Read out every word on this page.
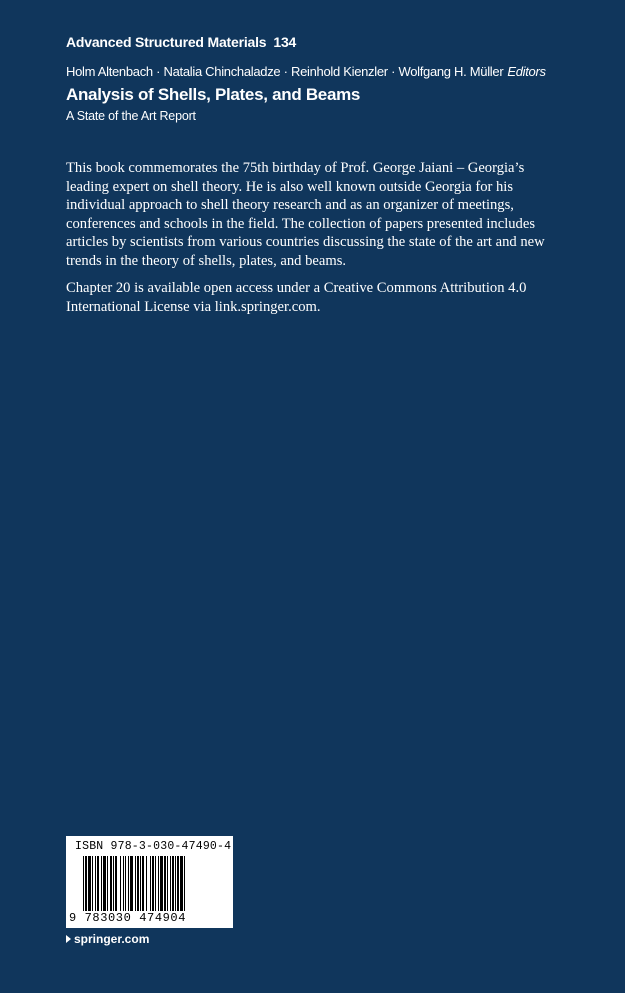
Advanced Structured Materials 134
Holm Altenbach · Natalia Chinchaladze · Reinhold Kienzler · Wolfgang H. Müller Editors
Analysis of Shells, Plates, and Beams
A State of the Art Report

This book commemorates the 75th birthday of Prof. George Jaiani – Georgia’s leading expert on shell theory. He is also well known outside Georgia for his individual approach to shell theory research and as an organizer of meetings, conferences and schools in the field. The collection of papers presented includes articles by scientists from various countries discussing the state of the art and new trends in the theory of shells, plates, and beams.

Chapter 20 is available open access under a Creative Commons Attribution 4.0 International License via link.springer.com.

ISBN 978-3-030-47490-4
9 783030 474904
springer.com
